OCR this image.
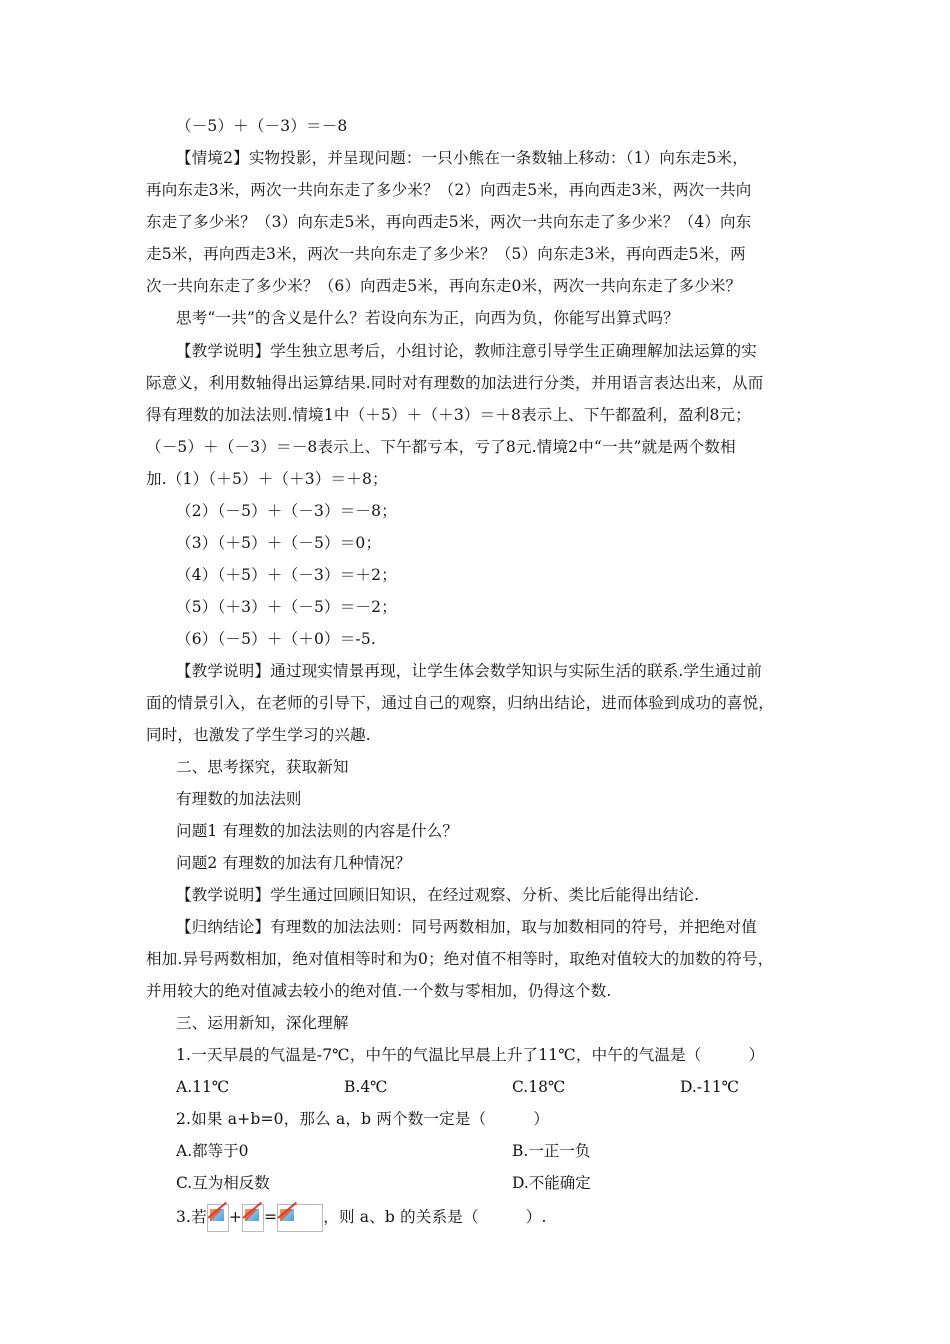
（－5）＋（－3）＝－8
【情境2】实物投影，并呈现问题：一只小熊在一条数轴上移动：（1）向东走5米，
再向东走3米，两次一共向东走了多少米？（2）向西走5米，再向西走3米，两次一共向
东走了多少米？（3）向东走5米，再向西走5米，两次一共向东走了多少米？（4）向东
走5米，再向西走3米，两次一共向东走了多少米？（5）向东走3米，再向西走5米，两
次一共向东走了多少米？（6）向西走5米，再向东走0米，两次一共向东走了多少米？
思考“一共”的含义是什么？若设向东为正，向西为负，你能写出算式吗？
【教学说明】学生独立思考后，小组讨论，教师注意引导学生正确理解加法运算的实
际意义，利用数轴得出运算结果.同时对有理数的加法进行分类，并用语言表达出来，从而
得有理数的加法法则.情境1中（＋5）＋（＋3）＝＋8表示上、下午都盈利，盈利8元；
（－5）＋（－3）＝－8表示上、下午都亏本，亏了8元.情境2中“一共”就是两个数相
加.（1）（＋5）＋（＋3）＝＋8；
（2）（－5）＋（－3）＝－8；
（3）（＋5）＋（－5）＝0；
（4）（＋5）＋（－3）＝＋2；
（5）（＋3）＋（－5）＝－2；
（6）（－5）＋（＋0）＝-5.
【教学说明】通过现实情景再现，让学生体会数学知识与实际生活的联系.学生通过前
面的情景引入，在老师的引导下，通过自己的观察，归纳出结论，进而体验到成功的喜悦，
同时，也激发了学生学习的兴趣.
二、思考探究，获取新知
有理数的加法法则
问题1 有理数的加法法则的内容是什么？
问题2 有理数的加法有几种情况？
【教学说明】学生通过回顾旧知识，在经过观察、分析、类比后能得出结论.
【归纳结论】有理数的加法法则：同号两数相加，取与加数相同的符号，并把绝对值
相加.异号两数相加，绝对值相等时和为0；绝对值不相等时，取绝对值较大的加数的符号，
并用较大的绝对值减去较小的绝对值.一个数与零相加，仍得这个数.
三、运用新知，深化理解
1.一天早晨的气温是-7℃，中午的气温比早晨上升了11℃，中午的气温是（　　　）
A.11℃	B.4℃	C.18℃	D.-11℃
2.如果 a+b=0，那么 a，b 两个数一定是（　　　）
A.都等于0	B.一正一负
C.互为相反数	D.不能确定
3.若 + =	，则 a、b 的关系是（　　　）.
